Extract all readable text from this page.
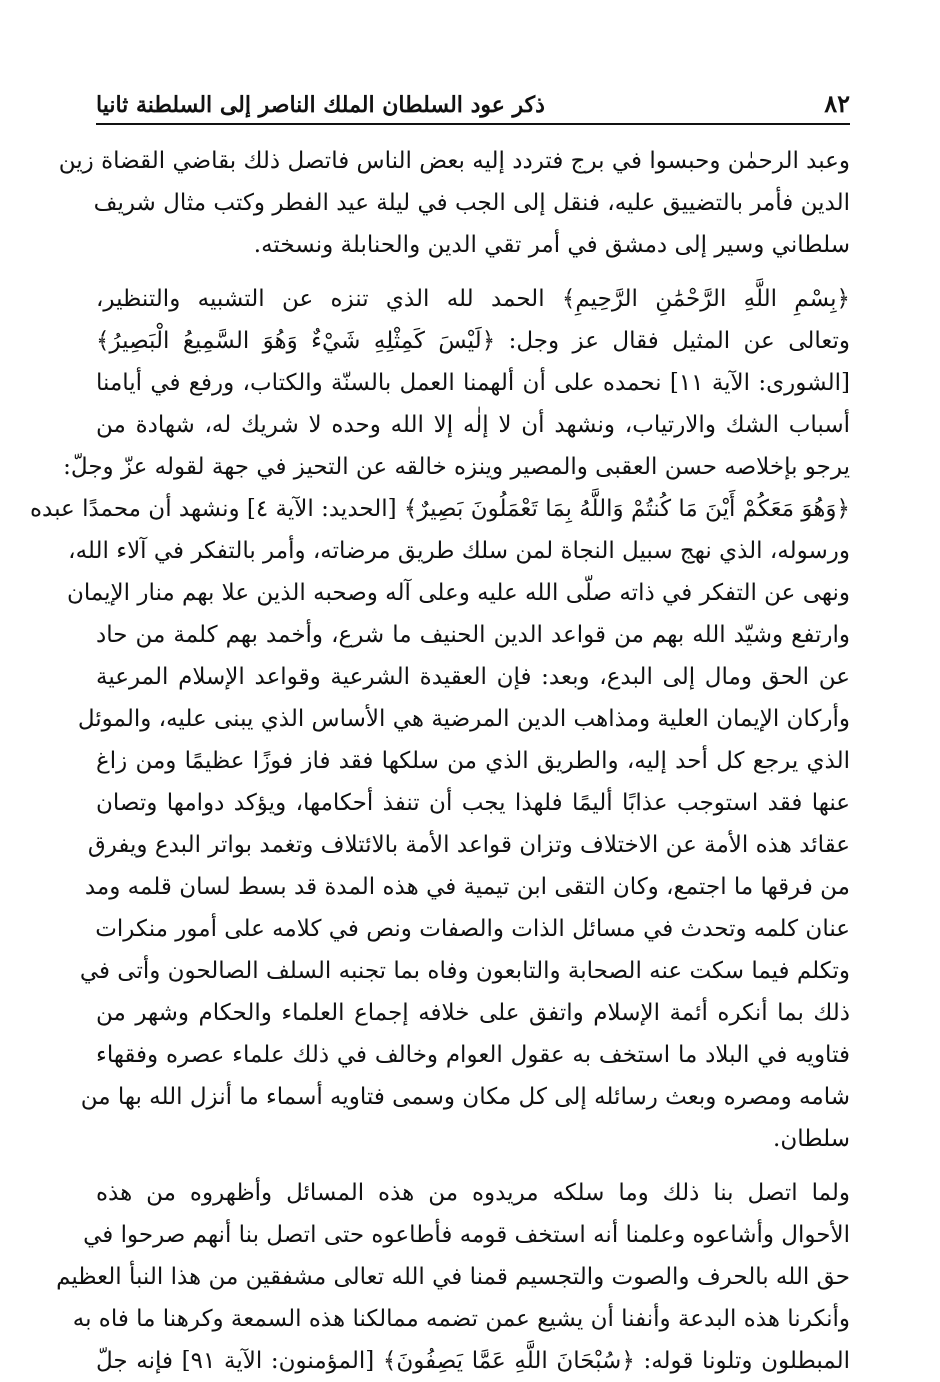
٨٢
ذكر عود السلطان الملك الناصر إلى السلطنة ثانيا
وعبد الرحمٰن وحبسوا في برج فتردد إليه بعض الناس فاتصل ذلك بقاضي القضاة زين
الدين فأمر بالتضييق عليه، فنقل إلى الجب في ليلة عيد الفطر وكتب مثال شريف
سلطاني وسير إلى دمشق في أمر تقي الدين والحنابلة ونسخته.
﴿بِسْمِ اللَّهِ الرَّحْمَٰنِ الرَّحِيمِ﴾ الحمد لله الذي تنزه عن التشبيه والتنظير،
وتعالى عن المثيل فقال عز وجل: ﴿لَيْسَ كَمِثْلِهِ شَيْءٌ وَهُوَ السَّمِيعُ الْبَصِيرُ﴾
[الشورى: الآية ١١] نحمده على أن ألهمنا العمل بالسنّة والكتاب، ورفع في أيامنا
أسباب الشك والارتياب، ونشهد أن لا إلٰه إلا الله وحده لا شريك له، شهادة من
يرجو بإخلاصه حسن العقبى والمصير وينزه خالقه عن التحيز في جهة لقوله عزّ وجلّ:
﴿وَهُوَ مَعَكُمْ أَيْنَ مَا كُنتُمْ وَاللَّهُ بِمَا تَعْمَلُونَ بَصِيرٌ﴾ [الحديد: الآية ٤] ونشهد أن محمدًا عبده
ورسوله، الذي نهج سبيل النجاة لمن سلك طريق مرضاته، وأمر بالتفكر في آلاء الله،
ونهى عن التفكر في ذاته صلّى الله عليه وعلى آله وصحبه الذين علا بهم منار الإيمان
وارتفع وشيّد الله بهم من قواعد الدين الحنيف ما شرع، وأخمد بهم كلمة من حاد
عن الحق ومال إلى البدع، وبعد: فإن العقيدة الشرعية وقواعد الإسلام المرعية
وأركان الإيمان العلية ومذاهب الدين المرضية هي الأساس الذي يبنى عليه، والموئل
الذي يرجع كل أحد إليه، والطريق الذي من سلكها فقد فاز فوزًا عظيمًا ومن زاغ
عنها فقد استوجب عذابًا أليمًا فلهذا يجب أن تنفذ أحكامها، ويؤكد دوامها وتصان
عقائد هذه الأمة عن الاختلاف وتزان قواعد الأمة بالائتلاف وتغمد بواتر البدع ويفرق
من فرقها ما اجتمع، وكان التقى ابن تيمية في هذه المدة قد بسط لسان قلمه ومد
عنان كلمه وتحدث في مسائل الذات والصفات ونص في كلامه على أمور منكرات
وتكلم فيما سكت عنه الصحابة والتابعون وفاه بما تجنبه السلف الصالحون وأتى في
ذلك بما أنكره أئمة الإسلام واتفق على خلافه إجماع العلماء والحكام وشهر من
فتاويه في البلاد ما استخف به عقول العوام وخالف في ذلك علماء عصره وفقهاء
شامه ومصره وبعث رسائله إلى كل مكان وسمى فتاويه أسماء ما أنزل الله بها من
سلطان.
ولما اتصل بنا ذلك وما سلكه مريدوه من هذه المسائل وأظهروه من هذه
الأحوال وأشاعوه وعلمنا أنه استخف قومه فأطاعوه حتى اتصل بنا أنهم صرحوا في
حق الله بالحرف والصوت والتجسيم قمنا في الله تعالى مشفقين من هذا النبأ العظيم
وأنكرنا هذه البدعة وأنفنا أن يشيع عمن تضمه ممالكنا هذه السمعة وكرهنا ما فاه به
المبطلون وتلونا قوله: ﴿سُبْحَانَ اللَّهِ عَمَّا يَصِفُونَ﴾ [المؤمنون: الآية ٩١] فإنه جلّ
